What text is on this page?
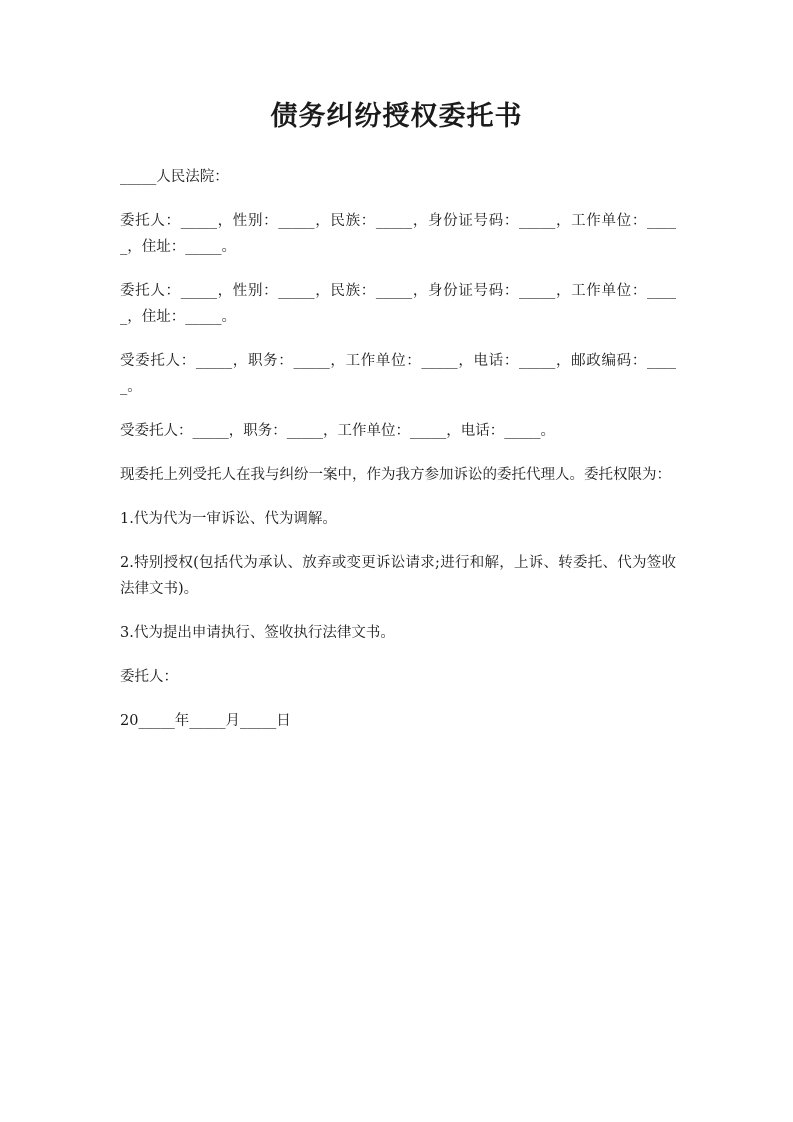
债务纠纷授权委托书

_____人民法院：

委托人：_____，性别：_____，民族：_____，身份证号码：_____，工作单位：_____，住址：_____。

委托人：_____，性别：_____，民族：_____，身份证号码：_____，工作单位：_____，住址：_____。

受委托人：_____，职务：_____，工作单位：_____，电话：_____，邮政编码：_____。

受委托人：_____，职务：_____，工作单位：_____，电话：_____。

现委托上列受托人在我与纠纷一案中，作为我方参加诉讼的委托代理人。委托权限为：

1.代为代为一审诉讼、代为调解。

2.特别授权(包括代为承认、放弃或变更诉讼请求;进行和解，上诉、转委托、代为签收法律文书)。

3.代为提出申请执行、签收执行法律文书。

委托人：

20_____年_____月_____日
